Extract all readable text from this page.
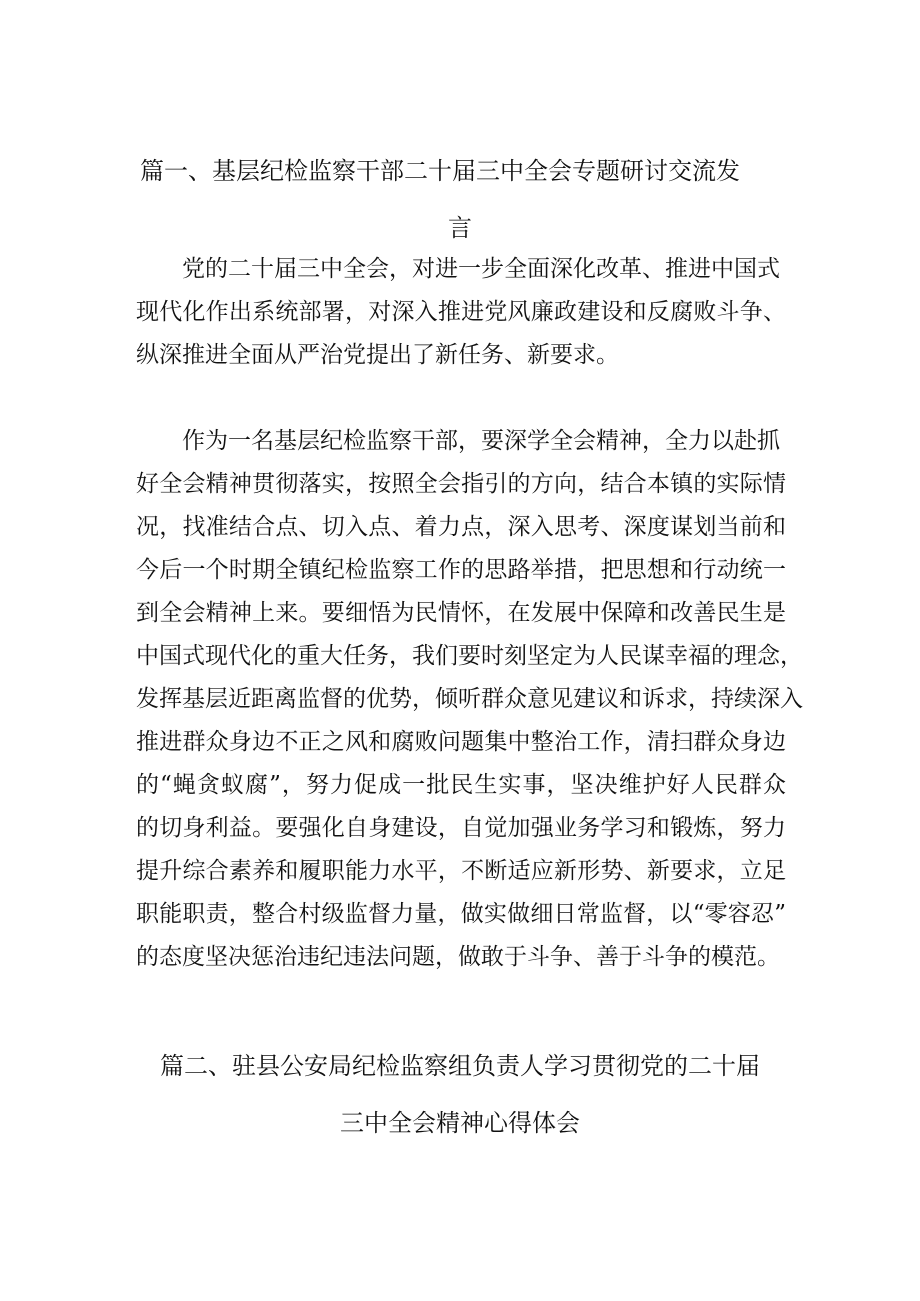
篇一、基层纪检监察干部二十届三中全会专题研讨交流发
言
党的二十届三中全会，对进一步全面深化改革、推进中国式
现代化作出系统部署，对深入推进党风廉政建设和反腐败斗争、
纵深推进全面从严治党提出了新任务、新要求。
作为一名基层纪检监察干部，要深学全会精神，全力以赴抓
好全会精神贯彻落实，按照全会指引的方向，结合本镇的实际情
况，找准结合点、切入点、着力点，深入思考、深度谋划当前和
今后一个时期全镇纪检监察工作的思路举措，把思想和行动统一
到全会精神上来。要细悟为民情怀，在发展中保障和改善民生是
中国式现代化的重大任务，我们要时刻坚定为人民谋幸福的理念，
发挥基层近距离监督的优势，倾听群众意见建议和诉求，持续深入
推进群众身边不正之风和腐败问题集中整治工作，清扫群众身边
的“蝇贪蚁腐”，努力促成一批民生实事，坚决维护好人民群众
的切身利益。要强化自身建设，自觉加强业务学习和锻炼，努力
提升综合素养和履职能力水平，不断适应新形势、新要求，立足
职能职责，整合村级监督力量，做实做细日常监督，以“零容忍”
的态度坚决惩治违纪违法问题，做敢于斗争、善于斗争的模范。
篇二、驻县公安局纪检监察组负责人学习贯彻党的二十届
三中全会精神心得体会
